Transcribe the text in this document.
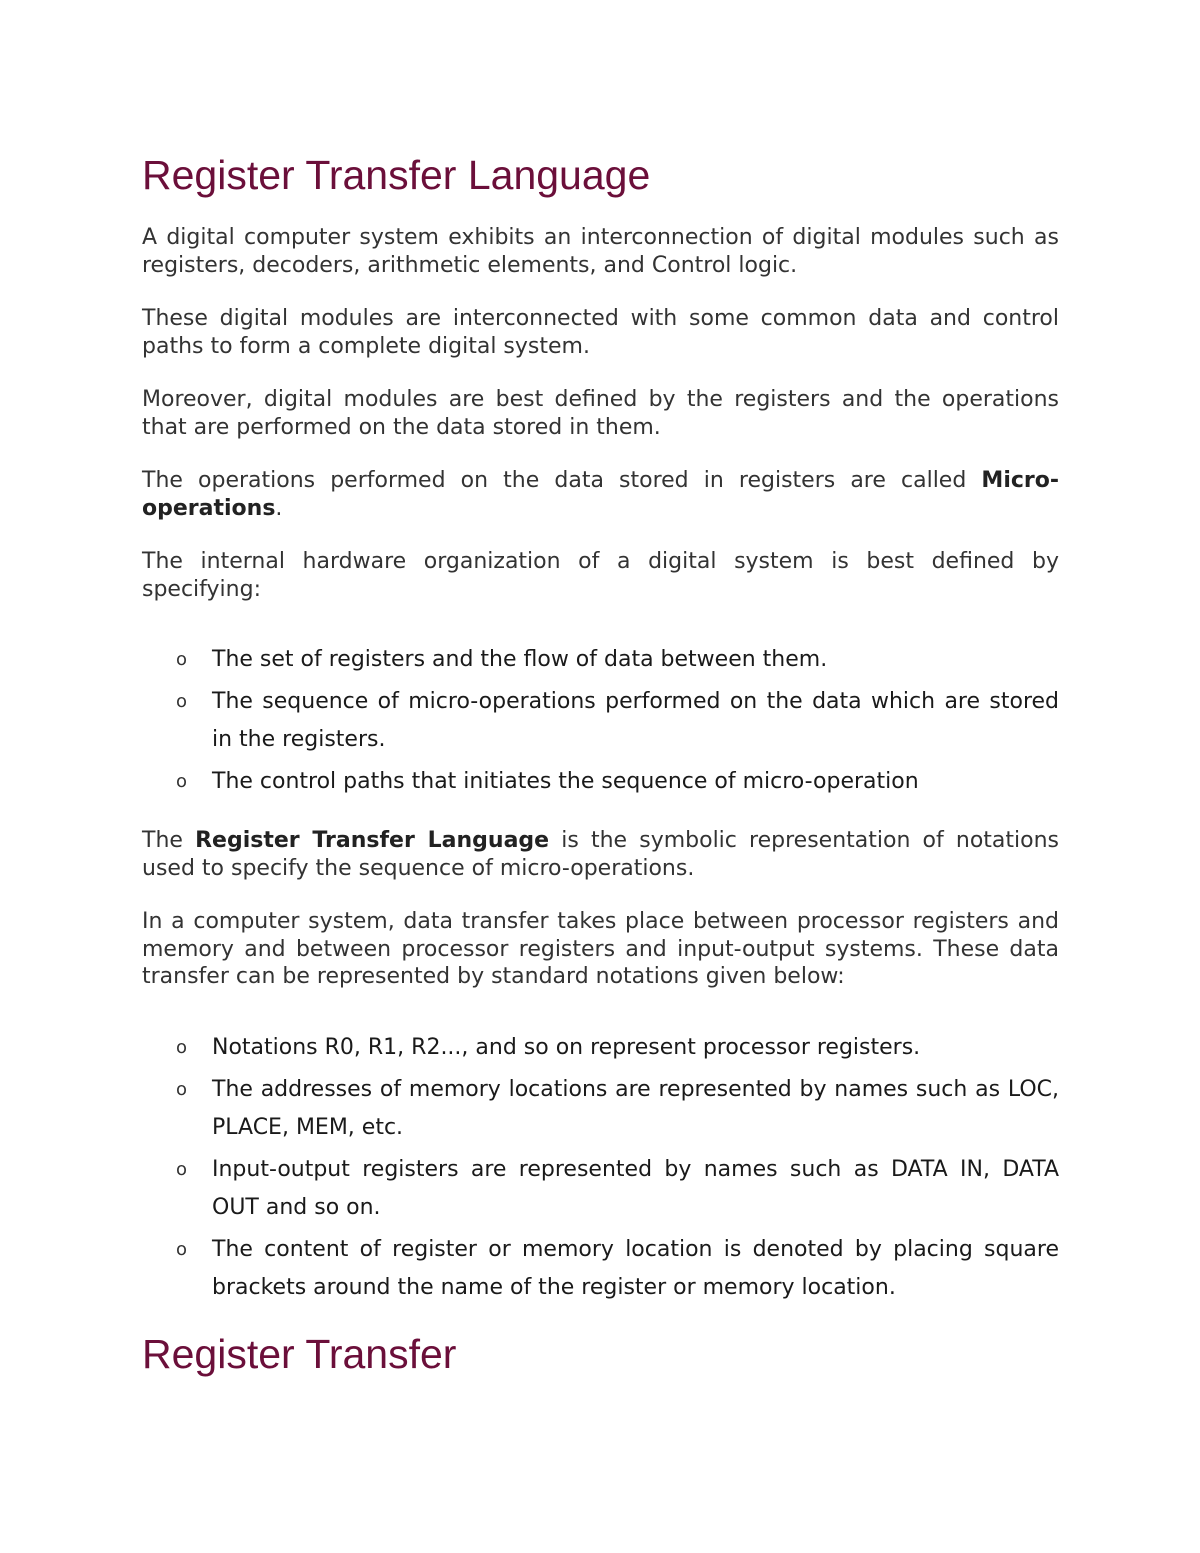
Register Transfer Language

A digital computer system exhibits an interconnection of digital modules such as registers, decoders, arithmetic elements, and Control logic.

These digital modules are interconnected with some common data and control paths to form a complete digital system.

Moreover, digital modules are best defined by the registers and the operations that are performed on the data stored in them.

The operations performed on the data stored in registers are called Micro-operations.

The internal hardware organization of a digital system is best defined by specifying:

o The set of registers and the flow of data between them.
o The sequence of micro-operations performed on the data which are stored in the registers.
o The control paths that initiates the sequence of micro-operation

The Register Transfer Language is the symbolic representation of notations used to specify the sequence of micro-operations.

In a computer system, data transfer takes place between processor registers and memory and between processor registers and input-output systems. These data transfer can be represented by standard notations given below:

o Notations R0, R1, R2..., and so on represent processor registers.
o The addresses of memory locations are represented by names such as LOC, PLACE, MEM, etc.
o Input-output registers are represented by names such as DATA IN, DATA OUT and so on.
o The content of register or memory location is denoted by placing square brackets around the name of the register or memory location.
Register Transfer
